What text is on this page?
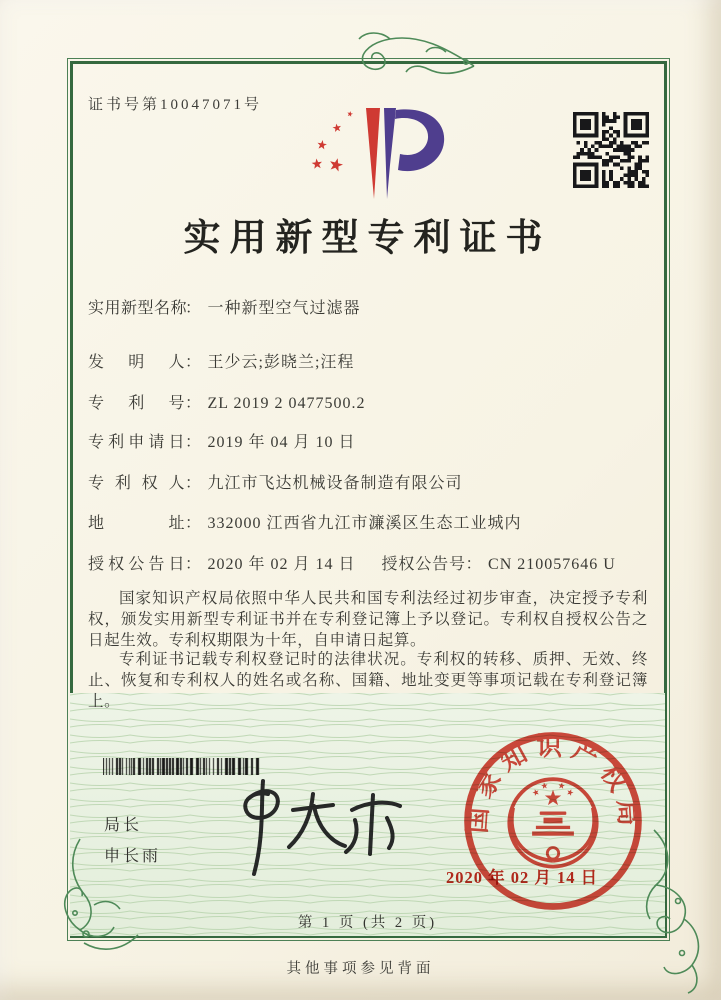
证书号第10047071号
实用新型专利证书
实用新型名称： 一种新型空气过滤器
发明人： 王少云;彭晓兰;汪程
专利号： ZL 2019 2 0477500.2
专利申请日： 2019 年 04 月 10 日
专利权人： 九江市飞达机械设备制造有限公司
地址： 332000 江西省九江市濂溪区生态工业城内
授权公告日： 2020 年 02 月 14 日 授权公告号： CN 210057646 U
国家知识产权局依照中华人民共和国专利法经过初步审查，决定授予专利权，颁发实用新型专利证书并在专利登记簿上予以登记。专利权自授权公告之日起生效。专利权期限为十年，自申请日起算。
专利证书记载专利权登记时的法律状况。专利权的转移、质押、无效、终止、恢复和专利权人的姓名或名称、国籍、地址变更等事项记载在专利登记簿上。
局长
申长雨
国家知识产权局
2020 年 02 月 14 日
第 1 页 (共 2 页)
其他事项参见背面
